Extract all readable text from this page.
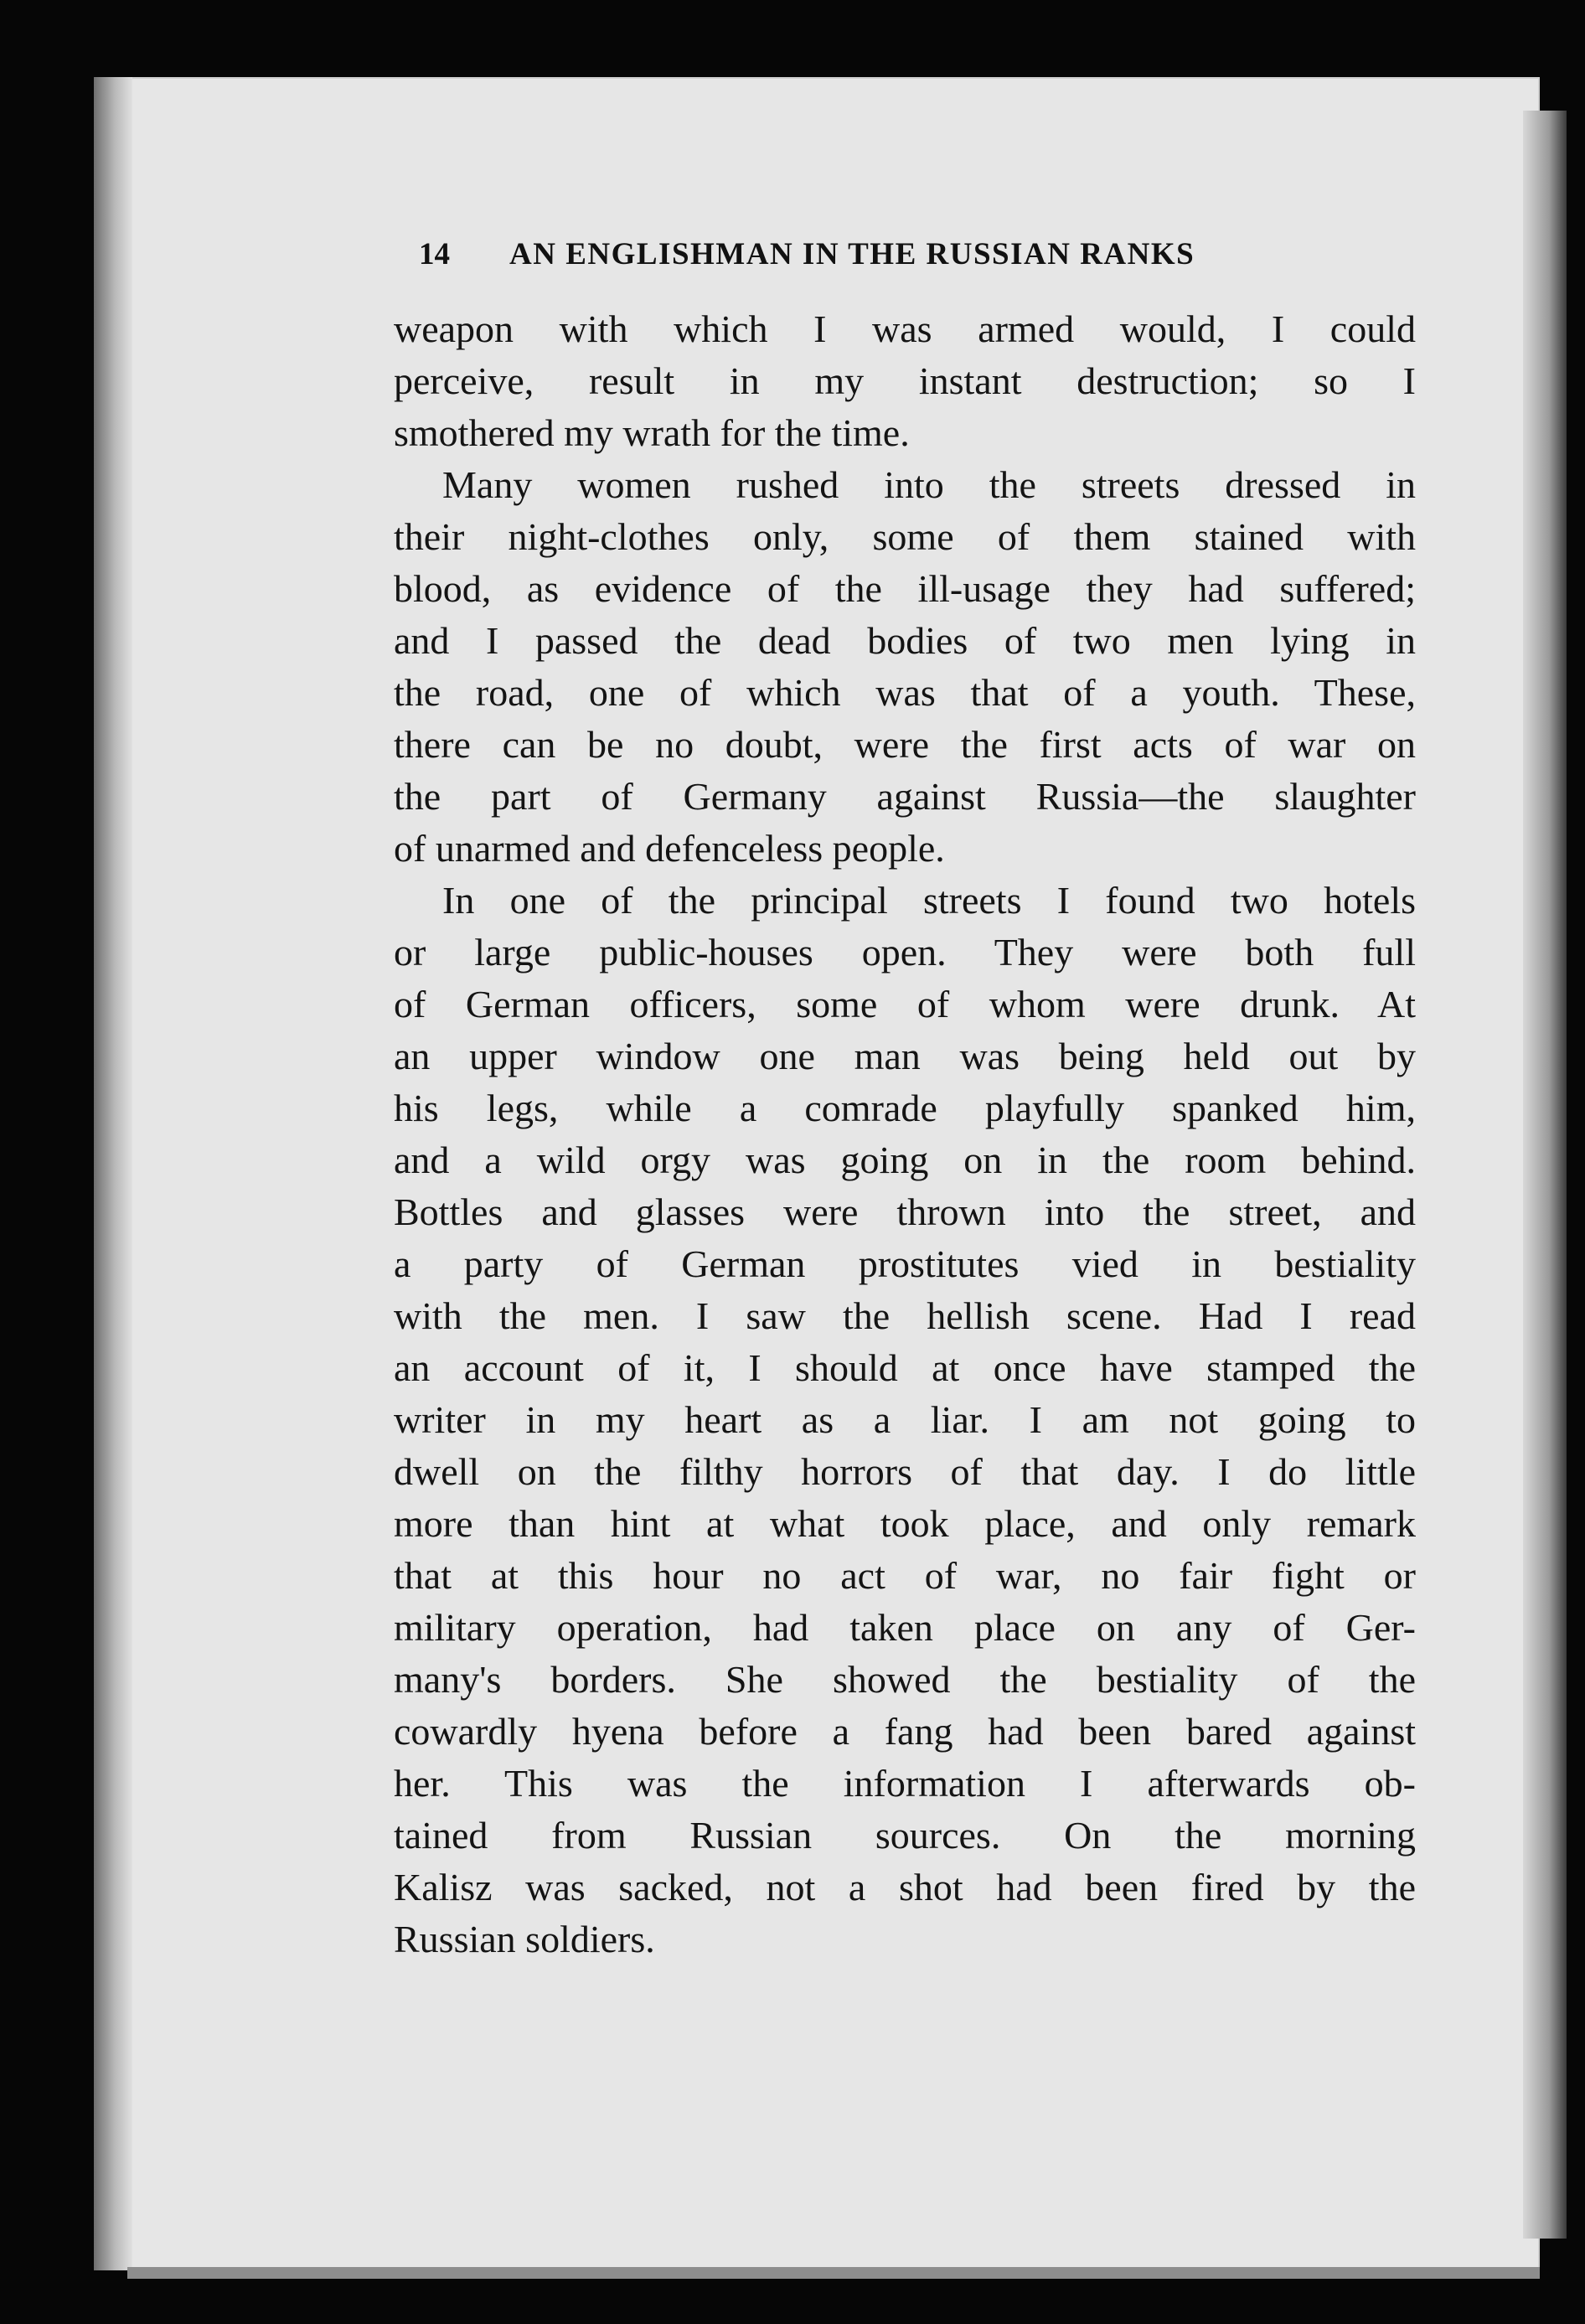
14	AN ENGLISHMAN IN THE RUSSIAN RANKS
weapon with which I was armed would, I could
perceive, result in my instant destruction; so I
smothered my wrath for the time.
Many women rushed into the streets dressed in
their night-clothes only, some of them stained with
blood, as evidence of the ill-usage they had suffered;
and I passed the dead bodies of two men lying in
the road, one of which was that of a youth. These,
there can be no doubt, were the first acts of war on
the part of Germany against Russia—the slaughter
of unarmed and defenceless people.
In one of the principal streets I found two hotels
or large public-houses open. They were both full
of German officers, some of whom were drunk. At
an upper window one man was being held out by
his legs, while a comrade playfully spanked him,
and a wild orgy was going on in the room behind.
Bottles and glasses were thrown into the street, and
a party of German prostitutes vied in bestiality
with the men. I saw the hellish scene. Had I read
an account of it, I should at once have stamped the
writer in my heart as a liar. I am not going to
dwell on the filthy horrors of that day. I do little
more than hint at what took place, and only remark
that at this hour no act of war, no fair fight or
military operation, had taken place on any of Ger-
many's borders. She showed the bestiality of the
cowardly hyena before a fang had been bared against
her. This was the information I afterwards ob-
tained from Russian sources. On the morning
Kalisz was sacked, not a shot had been fired by the
Russian soldiers.
